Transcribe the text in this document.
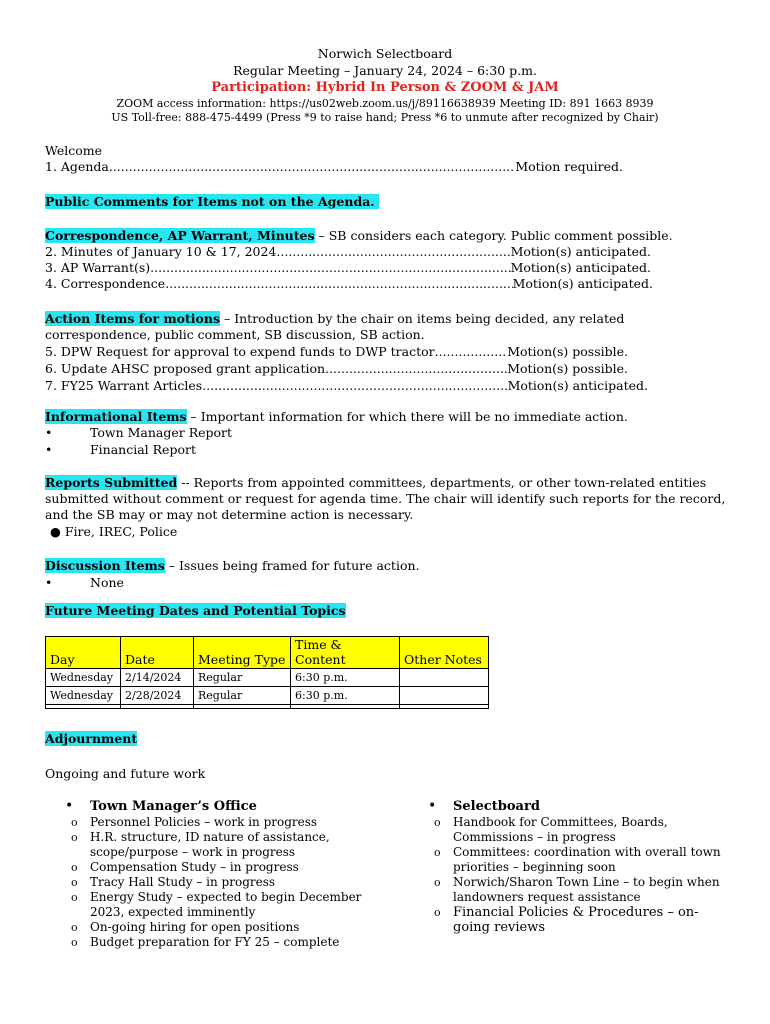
Norwich Selectboard
Regular Meeting – January 24, 2024 – 6:30 p.m.
Participation: Hybrid In Person & ZOOM & JAM
ZOOM access information: https://us02web.zoom.us/j/89116638939 Meeting ID: 891 1663 8939
US Toll-free: 888-475-4499 (Press *9 to raise hand; Press *6 to unmute after recognized by Chair)
Welcome
1. Agenda .....	Motion required.
Public Comments for Items not on the Agenda.
Correspondence, AP Warrant, Minutes – SB considers each category. Public comment possible.
2. Minutes of January 10 & 17, 2024 .....	Motion(s) anticipated.
3. AP Warrant(s) .....	Motion(s) anticipated.
4. Correspondence .....	Motion(s) anticipated.
Action Items for motions – Introduction by the chair on items being decided, any related
correspondence, public comment, SB discussion, SB action.
5. DPW Request for approval to expend funds to DWP tractor .....	Motion(s) possible.
6. Update AHSC proposed grant application .....	Motion(s) possible.
7. FY25 Warrant Articles .....	Motion(s) anticipated.
Informational Items – Important information for which there will be no immediate action.
•	Town Manager Report
•	Financial Report
Reports Submitted -- Reports from appointed committees, departments, or other town-related entities submitted without comment or request for agenda time. The chair will identify such reports for the record, and the SB may or may not determine action is necessary.
● Fire, IREC, Police
Discussion Items – Issues being framed for future action.
•	None
Future Meeting Dates and Potential Topics
Day	Date	Meeting Type	Time & Content	Other Notes
Wednesday	2/14/2024	Regular	6:30 p.m.	
Wednesday	2/28/2024	Regular	6:30 p.m.	

Adjournment
Ongoing and future work
• Town Manager’s Office
o Personnel Policies – work in progress
o H.R. structure, ID nature of assistance, scope/purpose – work in progress
o Compensation Study – in progress
o Tracy Hall Study – in progress
o Energy Study – expected to begin December 2023, expected imminently
o On-going hiring for open positions
o Budget preparation for FY 25 – complete
• Selectboard
o Handbook for Committees, Boards, Commissions – in progress
o Committees: coordination with overall town priorities – beginning soon
o Norwich/Sharon Town Line – to begin when landowners request assistance
o Financial Policies & Procedures – on-going reviews
